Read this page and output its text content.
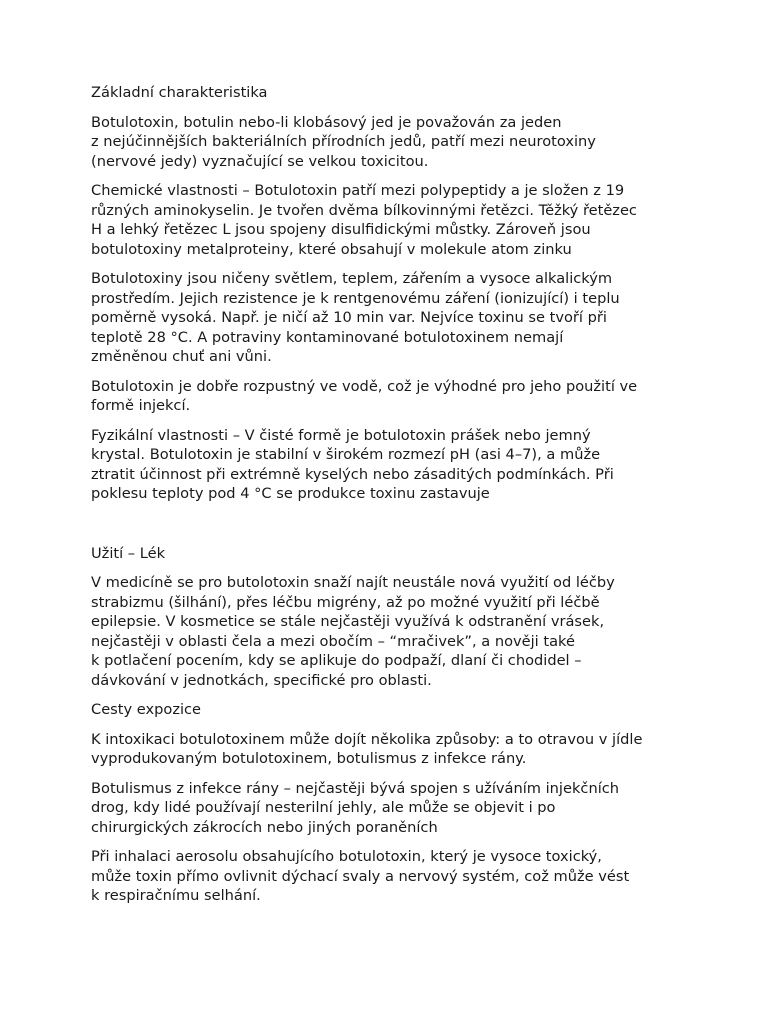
Základní charakteristika

Botulotoxin, botulin nebo-li klobásový jed je považován za jeden
z nejúčinnějších bakteriálních přírodních jedů, patří mezi neurotoxiny
(nervové jedy) vyznačující se velkou toxicitou.

Chemické vlastnosti – Botulotoxin patří mezi polypeptidy a je složen z 19
různých aminokyselin. Je tvořen dvěma bílkovinnými řetězci. Těžký řetězec
H a lehký řetězec L jsou spojeny disulfidickými můstky. Zároveň jsou
botulotoxiny metalproteiny, které obsahují v molekule atom zinku

Botulotoxiny jsou ničeny světlem, teplem, zářením a vysoce alkalickým
prostředím. Jejich rezistence je k rentgenovému záření (ionizující) i teplu
poměrně vysoká. Např. je ničí až 10 min var. Nejvíce toxinu se tvoří při
teplotě 28 °C. A potraviny kontaminované botulotoxinem nemají
změněnou chuť ani vůni.

Botulotoxin je dobře rozpustný ve vodě, což je výhodné pro jeho použití ve
formě injekcí.

Fyzikální vlastnosti – V čisté formě je botulotoxin prášek nebo jemný
krystal. Botulotoxin je stabilní v širokém rozmezí pH (asi 4–7), a může
ztratit účinnost při extrémně kyselých nebo zásaditých podmínkách. Při
poklesu teploty pod 4 °C se produkce toxinu zastavuje

Užití – Lék

V medicíně se pro butolotoxin snaží najít neustále nová využití od léčby
strabizmu (šilhání), přes léčbu migrény, až po možné využití při léčbě
epilepsie. V kosmetice se stále nejčastěji využívá k odstranění vrásek,
nejčastěji v oblasti čela a mezi obočím – “mračivek”, a nověji také
k potlačení pocením, kdy se aplikuje do podpaží, dlaní či chodidel –
dávkování v jednotkách, specifické pro oblasti.

Cesty expozice

K intoxikaci botulotoxinem může dojít několika způsoby: a to otravou v jídle
vyprodukovaným botulotoxinem, botulismus z infekce rány.

Botulismus z infekce rány – nejčastěji bývá spojen s užíváním injekčních
drog, kdy lidé používají nesterilní jehly, ale může se objevit i po
chirurgických zákrocích nebo jiných poraněních

Při inhalaci aerosolu obsahujícího botulotoxin, který je vysoce toxický,
může toxin přímo ovlivnit dýchací svaly a nervový systém, což může vést
k respiračnímu selhání.
